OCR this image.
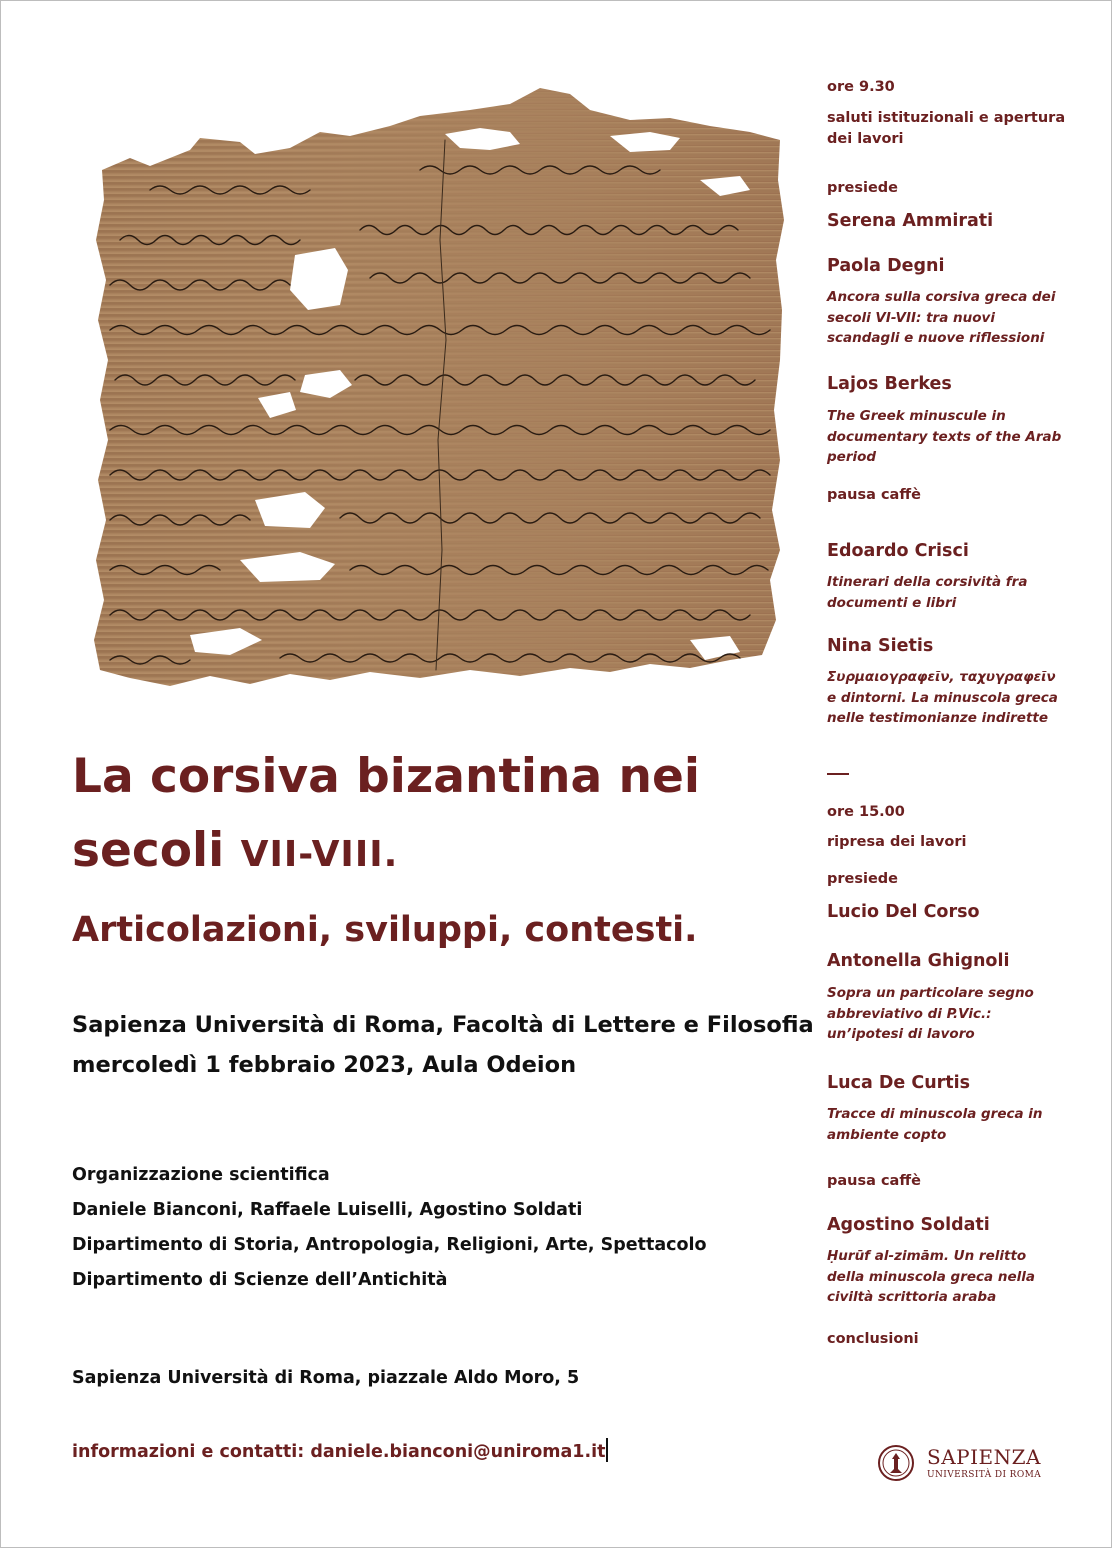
La corsiva bizantina nei
secoli VII-VIII.
Articolazioni, sviluppi, contesti.
Sapienza Università di Roma, Facoltà di Lettere e Filosofia
mercoledì 1 febbraio 2023, Aula Odeion
Organizzazione scientifica
Daniele Bianconi, Raffaele Luiselli, Agostino Soldati
Dipartimento di Storia, Antropologia, Religioni, Arte, Spettacolo
Dipartimento di Scienze dell’Antichità
Sapienza Università di Roma, piazzale Aldo Moro, 5
informazioni e contatti: daniele.bianconi@uniroma1.it
ore 9.30
saluti istituzionali e apertura dei lavori
presiede
Serena Ammirati
Paola Degni
Ancora sulla corsiva greca dei secoli VI-VII: tra nuovi scandagli e nuove riflessioni
Lajos Berkes
The Greek minuscule in documentary texts of the Arab period
pausa caffè
Edoardo Crisci
Itinerari della corsività fra documenti e libri
Nina Sietis
Συρμαιογραφεῖν, ταχυγραφεῖν e dintorni. La minuscola greca nelle testimonianze indirette
ore 15.00
ripresa dei lavori
presiede
Lucio Del Corso
Antonella Ghignoli
Sopra un particolare segno abbreviativo di P.Vic.: un’ipotesi di lavoro
Luca De Curtis
Tracce di minuscola greca in ambiente copto
pausa caffè
Agostino Soldati
Ḥurūf al-zimām. Un relitto della minuscola greca nella civiltà scrittoria araba
conclusioni
SAPIENZA
UNIVERSITÀ DI ROMA
